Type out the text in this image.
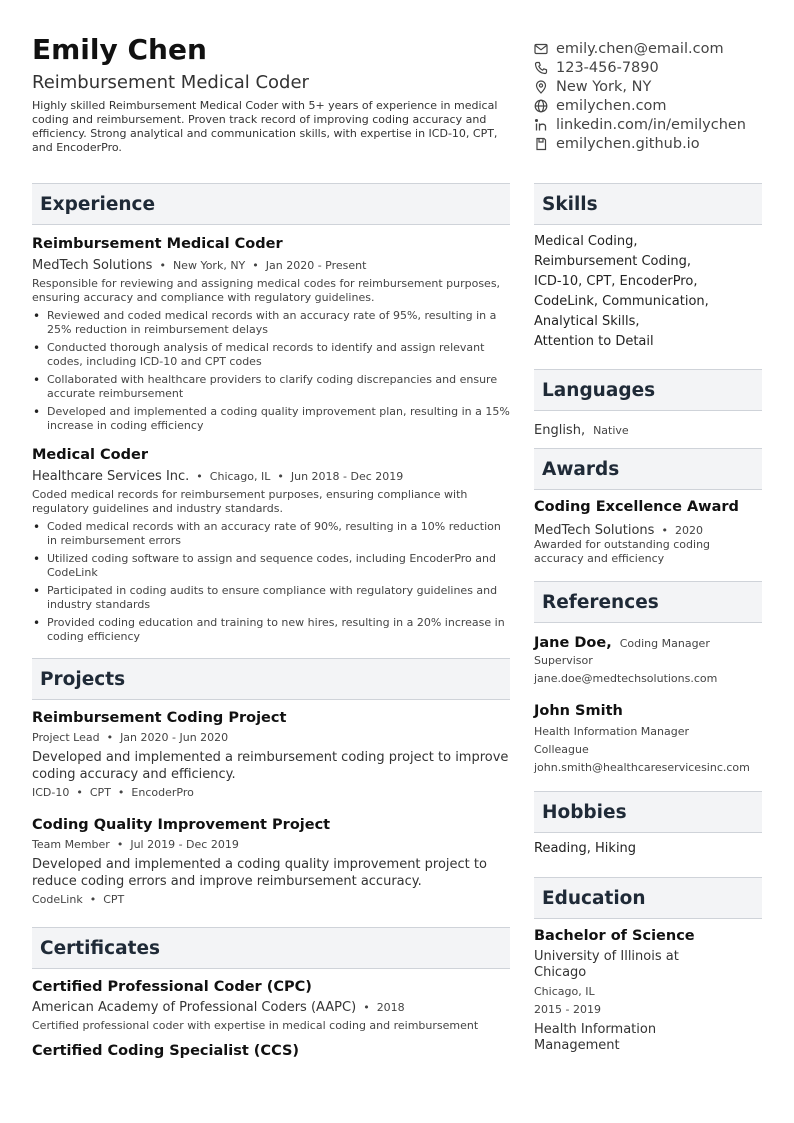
Emily Chen
Reimbursement Medical Coder
Highly skilled Reimbursement Medical Coder with 5+ years of experience in medical coding and reimbursement. Proven track record of improving coding accuracy and efficiency. Strong analytical and communication skills, with expertise in ICD-10, CPT, and EncoderPro.
emily.chen@email.com
123-456-7890
New York, NY
emilychen.com
linkedin.com/in/emilychen
emilychen.github.io
Experience
Reimbursement Medical Coder
MedTech Solutions • New York, NY • Jan 2020 - Present
Responsible for reviewing and assigning medical codes for reimbursement purposes, ensuring accuracy and compliance with regulatory guidelines.
• Reviewed and coded medical records with an accuracy rate of 95%, resulting in a 25% reduction in reimbursement delays
• Conducted thorough analysis of medical records to identify and assign relevant codes, including ICD-10 and CPT codes
• Collaborated with healthcare providers to clarify coding discrepancies and ensure accurate reimbursement
• Developed and implemented a coding quality improvement plan, resulting in a 15% increase in coding efficiency
Medical Coder
Healthcare Services Inc. • Chicago, IL • Jun 2018 - Dec 2019
Coded medical records for reimbursement purposes, ensuring compliance with regulatory guidelines and industry standards.
• Coded medical records with an accuracy rate of 90%, resulting in a 10% reduction in reimbursement errors
• Utilized coding software to assign and sequence codes, including EncoderPro and CodeLink
• Participated in coding audits to ensure compliance with regulatory guidelines and industry standards
• Provided coding education and training to new hires, resulting in a 20% increase in coding efficiency
Projects
Reimbursement Coding Project
Project Lead • Jan 2020 - Jun 2020
Developed and implemented a reimbursement coding project to improve coding accuracy and efficiency.
ICD-10 • CPT • EncoderPro
Coding Quality Improvement Project
Team Member • Jul 2019 - Dec 2019
Developed and implemented a coding quality improvement project to reduce coding errors and improve reimbursement accuracy.
CodeLink • CPT
Certificates
Certified Professional Coder (CPC)
American Academy of Professional Coders (AAPC) • 2018
Certified professional coder with expertise in medical coding and reimbursement
Certified Coding Specialist (CCS)
Skills
Medical Coding,
Reimbursement Coding,
ICD-10, CPT, EncoderPro,
CodeLink, Communication,
Analytical Skills,
Attention to Detail
Languages
English, Native
Awards
Coding Excellence Award
MedTech Solutions • 2020
Awarded for outstanding coding accuracy and efficiency
References
Jane Doe, Coding Manager
Supervisor
jane.doe@medtechsolutions.com
John Smith
Health Information Manager
Colleague
john.smith@healthcareservicesinc.com
Hobbies
Reading, Hiking
Education
Bachelor of Science
University of Illinois at Chicago
Chicago, IL
2015 - 2019
Health Information Management
